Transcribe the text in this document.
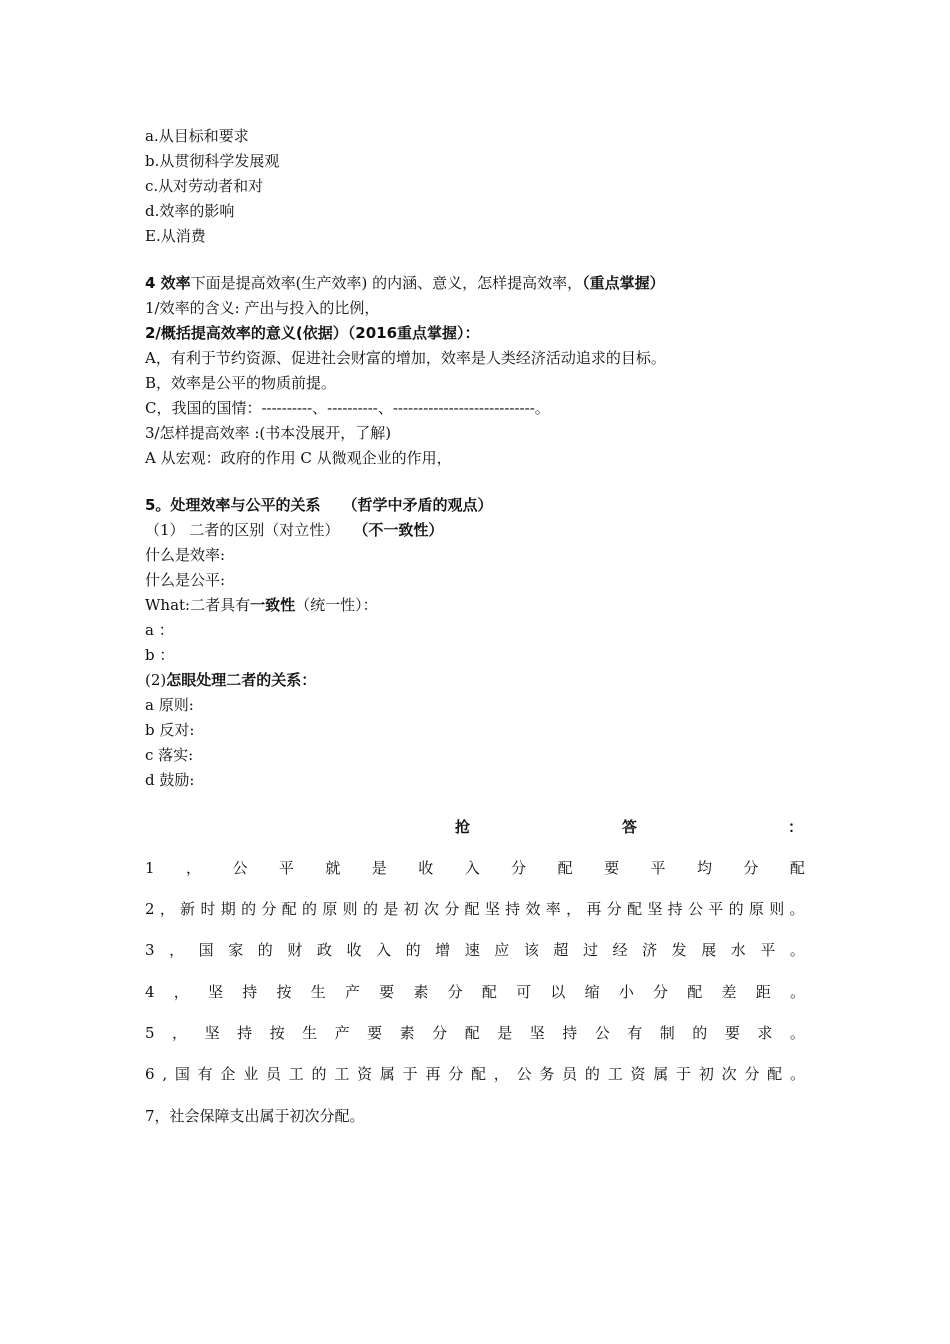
a.从目标和要求
b.从贯彻科学发展观
c.从对劳动者和对
d.效率的影响
E.从消费
4 效率下面是提高效率(生产效率) 的内涵、意义，怎样提高效率，（重点掌握）
1/效率的含义: 产出与投入的比例，
2/概括提高效率的意义(依据）（2016重点掌握）：
A，有利于节约资源、促进社会财富的增加，效率是人类经济活动追求的目标。
B，效率是公平的物质前提。
C，我国的国情：----------、----------、----------------------------。
3/怎样提高效率 :(书本没展开，了解)
A 从宏观：政府的作用 C 从微观企业的作用，
5。处理效率与公平的关系 （哲学中矛盾的观点）
（1） 二者的区别（对立性） （不一致性）
什么是效率:
什么是公平:
What:二者具有一致性（统一性）：
a ：
b ：
(2)怎眼处理二者的关系：
a 原则:
b 反对:
c 落实:
d 鼓励:
抢	答	：
1 ， 公 平 就 是 收 入 分 配 要 平 均 分 配
2 ， 新 时 期 的 分 配 的 原 则 的 是 初 次 分 配 坚 持 效 率 ， 再 分 配 坚 持 公 平 的 原 则 。
3 ， 国 家 的 财 政 收 入 的 增 速 应 该 超 过 经 济 发 展 水 平 。
4 ， 坚 持 按 生 产 要 素 分 配 可 以 缩 小 分 配 差 距 。
5 ， 坚 持 按 生 产 要 素 分 配 是 坚 持 公 有 制 的 要 求 。
6 , 国 有 企 业 员 工 的 工 资 属 于 再 分 配 ， 公 务 员 的 工 资 属 于 初 次 分 配 。
7，社会保障支出属于初次分配。
